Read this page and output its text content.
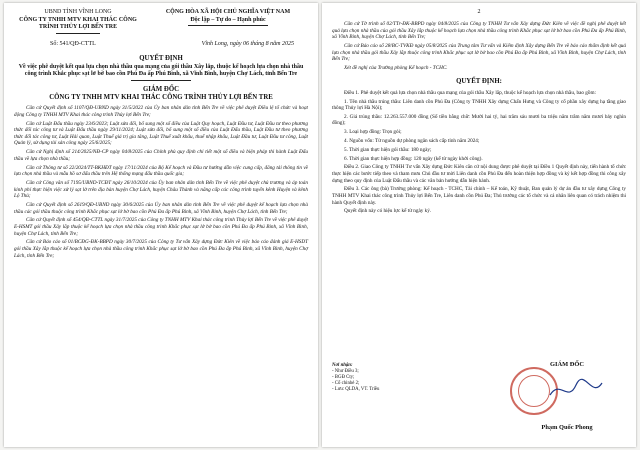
UBND TỈNH VĨNH LONG
CÔNG TY TNHH MTV KHAI THÁC CÔNG TRÌNH THỦY LỢI BẾN TRE
CỘNG HÒA XÃ HỘI CHỦ NGHĨA VIỆT NAM
Độc lập – Tự do – Hạnh phúc
Số: 541/QĐ-CTTL	Vĩnh Long, ngày 06 tháng 8 năm 2025
QUYẾT ĐỊNH
Về việc phê duyệt kết quả lựa chọn nhà thầu qua mạng của gói thầu Xây lắp, thuộc kế hoạch lựa chọn nhà thầu công trình Khắc phục sạt lở bờ bao cồn Phú Đa ấp Phú Bình, xã Vĩnh Bình, huyện Chợ Lách, tỉnh Bến Tre
GIÁM ĐỐC
CÔNG TY TNHH MTV KHAI THÁC CÔNG TRÌNH THỦY LỢI BẾN TRE
Căn cứ Quyết định số 1107/QĐ-UBND ngày 31/5/2022 của Ủy ban nhân dân tỉnh Bến Tre về việc phê duyệt Điều lệ tổ chức và hoạt động Công ty TNHH MTV Khai thác công trình Thủy lợi Bến Tre;
Căn cứ Luật Đấu thầu ngày 23/6/2023; Luật sửa đổi, bổ sung một số điều của Luật Quy hoạch, Luật Đầu tư, Luật Đầu tư theo phương thức đối tác công tư và Luật Đấu thầu ngày 29/11/2024; Luật sửa đổi, bổ sung một số điều của Luật Đấu thầu, Luật Đầu tư theo phương thức đối tác công tư, Luật Hải quan, Luật Thuế giá trị gia tăng, Luật Thuế xuất khẩu, thuế nhập khẩu, Luật Đầu tư, Luật Đầu tư công, Luật Quản lý, sử dụng tài sản công ngày 25/6/2025;
Căn cứ Nghị định số 214/2025/NĐ-CP ngày 04/8/2025 của Chính phủ quy định chi tiết một số điều và biện pháp thi hành Luật Đấu thầu về lựa chọn nhà thầu;
Căn cứ Thông tư số 22/2024/TT-BKHĐT ngày 17/11/2024 của Bộ Kế hoạch và Đầu tư hướng dẫn việc cung cấp, đăng tải thông tin về lựa chọn nhà thầu và mẫu hồ sơ đấu thầu trên Hệ thống mạng đấu thầu quốc gia;
Căn cứ Công văn số 7195/UBND-TCĐT ngày 26/10/2024 của Ủy ban nhân dân tỉnh Bến Tre về việc phê duyệt chủ trương và áp toán kinh phí thực hiện việc xử lý sạt lở trên địa bàn huyện Chợ Lách, huyện Châu Thành và năng cấp các công trình tuyến kênh Huyện và kênh Lộ Thủ;
Căn cứ Quyết định số 2619/QĐ-UBND ngày 30/6/2025 của Ủy ban nhân dân tỉnh Bến Tre về việc phê duyệt kế hoạch lựa chọn nhà thầu các gói thầu thuộc công trình Khắc phục sạt lở bờ bao cồn Phú Đa ấp Phú Bình, xã Vĩnh Bình, huyện Chợ Lách, tỉnh Bến Tre;
Căn cứ Quyết định số 454/QĐ-CTTL ngày 31/7/2025 của Công ty TNHH MTV Khai thác công trình Thủy lợi Bến Tre về việc phê duyệt E-HSMT gói thầu Xây lắp thuộc kế hoạch lựa chọn nhà thầu công trình Khắc phục sạt lở bờ bao cồn Phú Đa ấp Phú Bình, xã Vĩnh Bình, huyện Chợ Lách, tỉnh Bến Tre;
Căn cứ Báo cáo số 01/BCĐG-ĐK-BBPD ngày 30/7/2025 của Công ty Tư vấn Xây dựng Đức Kiên về việc báo cáo đánh giá E-HSDT gói thầu Xây lắp thuộc kế hoạch lựa chọn nhà thầu công trình Khắc phục sạt lở bờ bao cồn Phú Đa ấp Phú Bình, xã Vĩnh Bình, huyện Chợ Lách, tỉnh Bến Tre;
2
Căn cứ Tờ trình số 02/TTr-ĐK-BBPD ngày 04/8/2025 của Công ty TNHH Tư vấn Xây dựng Đức Kiên về việc đề nghị phê duyệt kết quả lựa chọn nhà thầu của gói thầu Xây lắp thuộc kế hoạch lựa chọn nhà thầu công trình Khắc phục sạt lở bờ bao cồn Phú Đa ấp Phú Bình, xã Vĩnh Bình, huyện Chợ Lách, tỉnh Bến Tre;
Căn cứ Báo cáo số 28/BC-TVKĐ ngày 05/8/2025 của Trung tâm Tư vấn và Kiểm định Xây dựng Bến Tre về báo cáo thẩm định kết quả lựa chọn nhà thầu gói thầu Xây lắp thuộc công trình Khắc phục sạt lở bờ bao cồn Phú Đa ấp Phú Bình, xã Vĩnh Bình, huyện Chợ Lách, tỉnh Bến Tre;
Xét đề nghị của Trưởng phòng Kế hoạch - TCHC.
QUYẾT ĐỊNH:
Điều 1. Phê duyệt kết quả lựa chọn nhà thầu qua mạng của gói thầu Xây lắp, thuộc kế hoạch lựa chọn nhà thầu, bao gồm:
1. Tên nhà thầu trúng thầu: Liên danh cồn Phú Đa (Công ty TNHH Xây dựng Chấn Hưng và Công ty cổ phần xây dựng hạ tầng giao thông Thủy lợi Hà Nội);
2. Giá trúng thầu: 12.263.557.000 đồng (Số tiền bằng chữ: Mười hai tỷ, hai trăm sáu mươi ba triệu năm trăm năm mươi bảy nghìn đồng);
3. Loại hợp đồng: Trọn gói;
4. Nguồn vốn: Từ nguồn dự phòng ngân sách cấp tỉnh năm 2024;
5. Thời gian thực hiện gói thầu: 180 ngày;
6. Thời gian thực hiện hợp đồng: 120 ngày (kể từ ngày khởi công).
Điều 2. Giao Công ty TNHH Tư vấn Xây dựng Đức Kiên căn cứ nội dung được phê duyệt tại Điều 1 Quyết định này, tiến hành tổ chức thực hiện các bước tiếp theo và tham mưu Chủ đầu tư mời Liên danh cồn Phú Đa đến hoàn thiện hợp đồng và ký kết hợp đồng thi công xây dựng theo quy định của Luật Đấu thầu và các văn bản hướng dẫn hiện hành.
Điều 3. Các ông (bà) Trưởng phòng: Kế hoạch - TCHC, Tài chính – Kế toán, Kỹ thuật, Ban quản lý dự án đầu tư xây dựng Công ty TNHH MTV Khai thác công trình Thủy lợi Bến Tre, Liên danh cồn Phú Đa; Thủ trưởng các tổ chức và cá nhân liên quan có trách nhiệm thi hành Quyết định này.
Quyết định này có hiệu lực kể từ ngày ký.
Nơi nhận:
- Như Điều 3;
- BGĐ Cty;
- Cổ chinhẻ 2;
- Lưu: QLDA, VT. Triều
GIÁM ĐỐC
Phạm Quốc Phong
